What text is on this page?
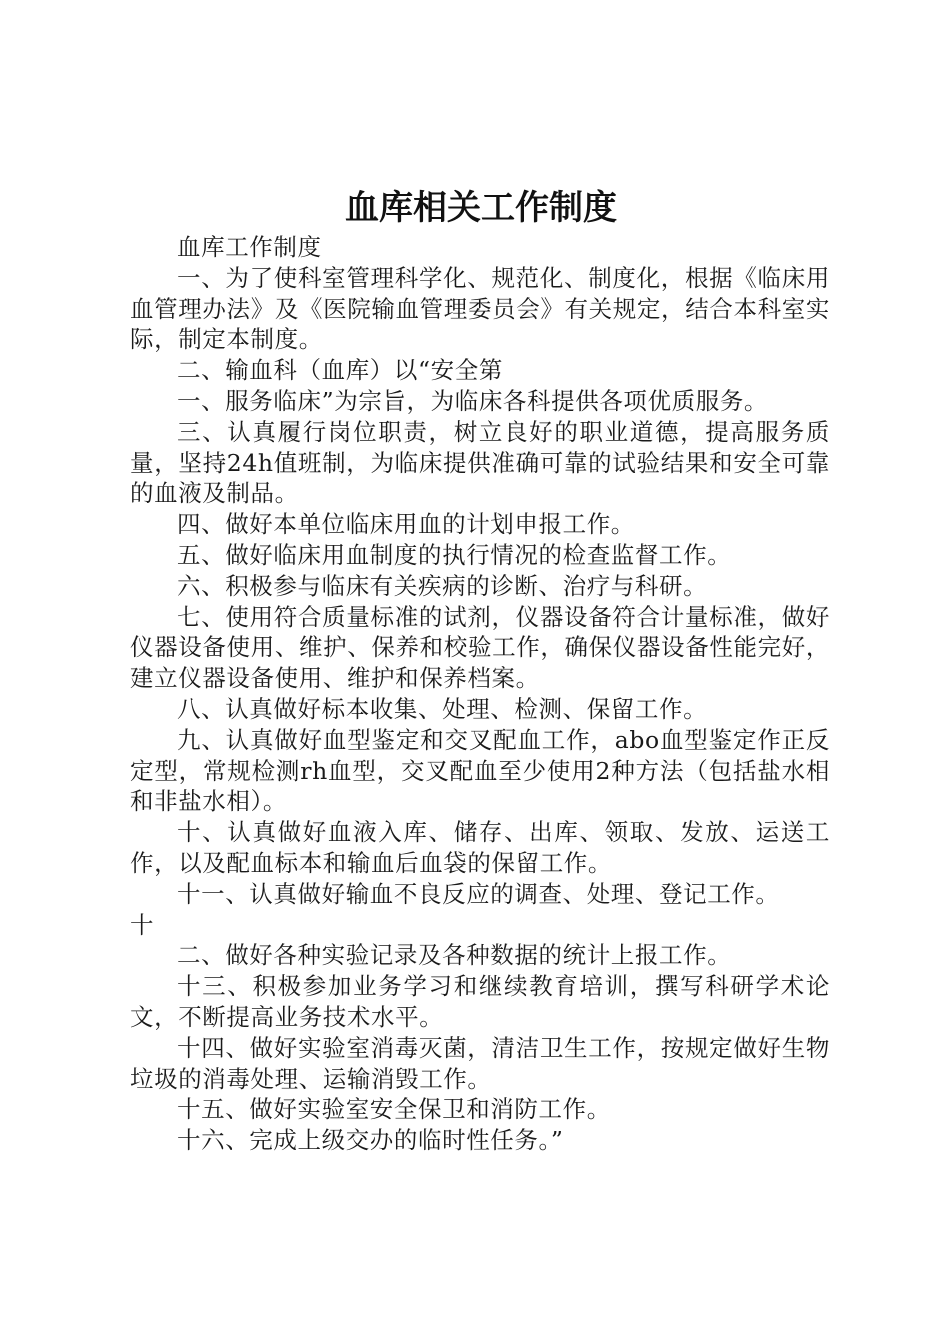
血库相关工作制度

血库工作制度

一、为了使科室管理科学化、规范化、制度化，根据《临床用血管理办法》及《医院输血管理委员会》有关规定，结合本科室实际，制定本制度。

二、输血科（血库）以“安全第

一、服务临床”为宗旨，为临床各科提供各项优质服务。

三、认真履行岗位职责，树立良好的职业道德，提高服务质量，坚持24h值班制，为临床提供准确可靠的试验结果和安全可靠的血液及制品。

四、做好本单位临床用血的计划申报工作。

五、做好临床用血制度的执行情况的检查监督工作。

六、积极参与临床有关疾病的诊断、治疗与科研。

七、使用符合质量标准的试剂，仪器设备符合计量标准，做好仪器设备使用、维护、保养和校验工作，确保仪器设备性能完好，建立仪器设备使用、维护和保养档案。

八、认真做好标本收集、处理、检测、保留工作。

九、认真做好血型鉴定和交叉配血工作，abo血型鉴定作正反定型，常规检测rh血型，交叉配血至少使用2种方法（包括盐水相和非盐水相）。

十、认真做好血液入库、储存、出库、领取、发放、运送工作，以及配血标本和输血后血袋的保留工作。

十一、认真做好输血不良反应的调查、处理、登记工作。

十

二、做好各种实验记录及各种数据的统计上报工作。

十三、积极参加业务学习和继续教育培训，撰写科研学术论文，不断提高业务技术水平。

十四、做好实验室消毒灭菌，清洁卫生工作，按规定做好生物垃圾的消毒处理、运输消毁工作。

十五、做好实验室安全保卫和消防工作。

十六、完成上级交办的临时性任务。”
